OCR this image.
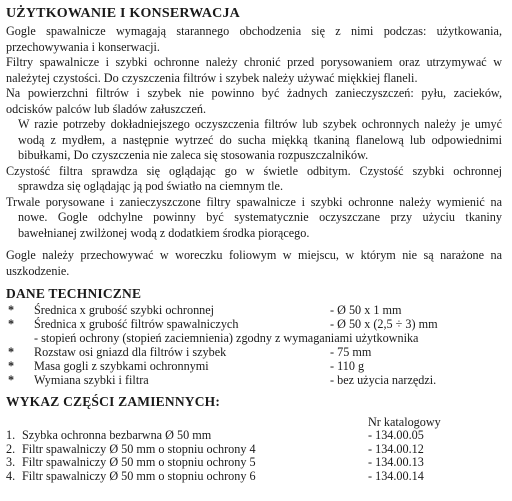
UŻYTKOWANIE I KONSERWACJA

Gogle spawalnicze wymagają starannego obchodzenia się z nimi podczas: użytkowania,

przechowywania i konserwacji.

Filtry spawalnicze i szybki ochronne należy chronić przed porysowaniem oraz utrzymywać w

należytej czystości. Do czyszczenia filtrów i szybek należy używać miękkiej flaneli.

Na powierzchni filtrów i szybek nie powinno być żadnych zanieczyszczeń: pyłu, zacieków,

odcisków palców lub śladów załuszczeń.

W razie potrzeby dokładniejszego oczyszczenia filtrów lub szybek ochronnych należy je umyć

wodą z mydłem, a następnie wytrzeć do sucha miękką tkaniną flanelową lub odpowiednimi

bibułkami, Do czyszczenia nie zaleca się stosowania rozpuszczalników.

Czystość filtra sprawdza się oglądając go w świetle odbitym. Czystość szybki ochronnej

sprawdza się oglądając ją pod światło na ciemnym tle.

Trwale porysowane i zanieczyszczone filtry spawalnicze i szybki ochronne należy wymienić na

nowe. Gogle odchylne powinny być systematycznie oczyszczane przy użyciu tkaniny

bawełnianej zwilżonej wodą z dodatkiem środka piorącego.

Gogle należy przechowywać w woreczku foliowym w miejscu, w którym nie są narażone na

uszkodzenie.

DANE TECHNICZNE
*	Średnica x grubość szybki ochronnej	- Ø 50 x 1 mm
*	Średnica x grubość filtrów spawalniczych	- Ø 50 x (2,5 ÷ 3) mm
- stopień ochrony (stopień zaciemnienia) zgodny z wymaganiami użytkownika
*	Rozstaw osi gniazd dla filtrów i szybek	- 75 mm
*	Masa gogli z szybkami ochronnymi	- 110 g
*	Wymiana szybki i filtra	- bez użycia narzędzi.
WYKAZ CZĘŚCI ZAMIENNYCH:
Nr katalogowy
1. Szybka ochronna bezbarwna Ø 50 mm	- 134.00.05
2. Filtr spawalniczy Ø 50 mm o stopniu ochrony 4	- 134.00.12
3. Filtr spawalniczy Ø 50 mm o stopniu ochrony 5	- 134.00.13
4. Filtr spawalniczy Ø 50 mm o stopniu ochrony 6	- 134.00.14
